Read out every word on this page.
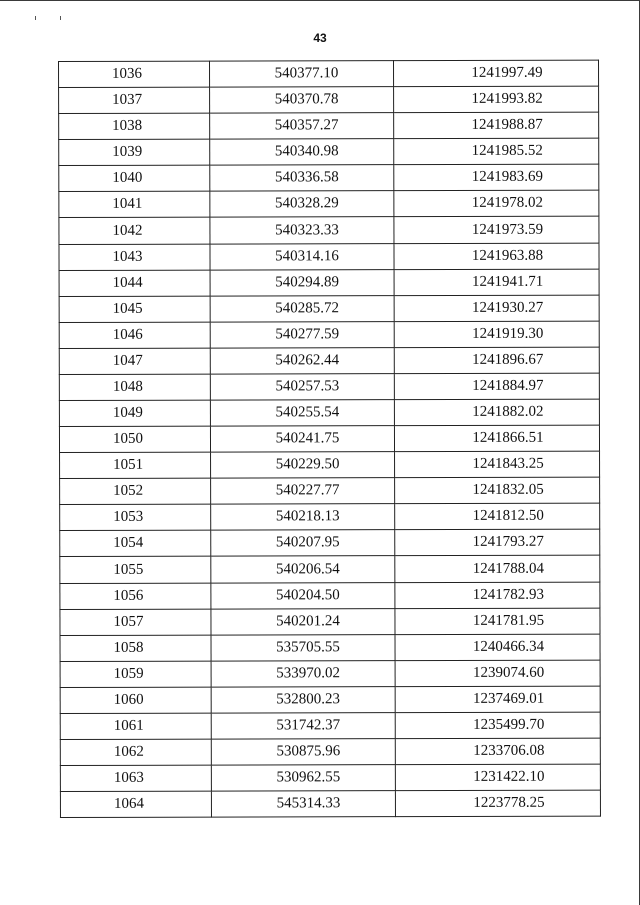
43
1036	540377.10	1241997.49
1037	540370.78	1241993.82
1038	540357.27	1241988.87
1039	540340.98	1241985.52
1040	540336.58	1241983.69
1041	540328.29	1241978.02
1042	540323.33	1241973.59
1043	540314.16	1241963.88
1044	540294.89	1241941.71
1045	540285.72	1241930.27
1046	540277.59	1241919.30
1047	540262.44	1241896.67
1048	540257.53	1241884.97
1049	540255.54	1241882.02
1050	540241.75	1241866.51
1051	540229.50	1241843.25
1052	540227.77	1241832.05
1053	540218.13	1241812.50
1054	540207.95	1241793.27
1055	540206.54	1241788.04
1056	540204.50	1241782.93
1057	540201.24	1241781.95
1058	535705.55	1240466.34
1059	533970.02	1239074.60
1060	532800.23	1237469.01
1061	531742.37	1235499.70
1062	530875.96	1233706.08
1063	530962.55	1231422.10
1064	545314.33	1223778.25
